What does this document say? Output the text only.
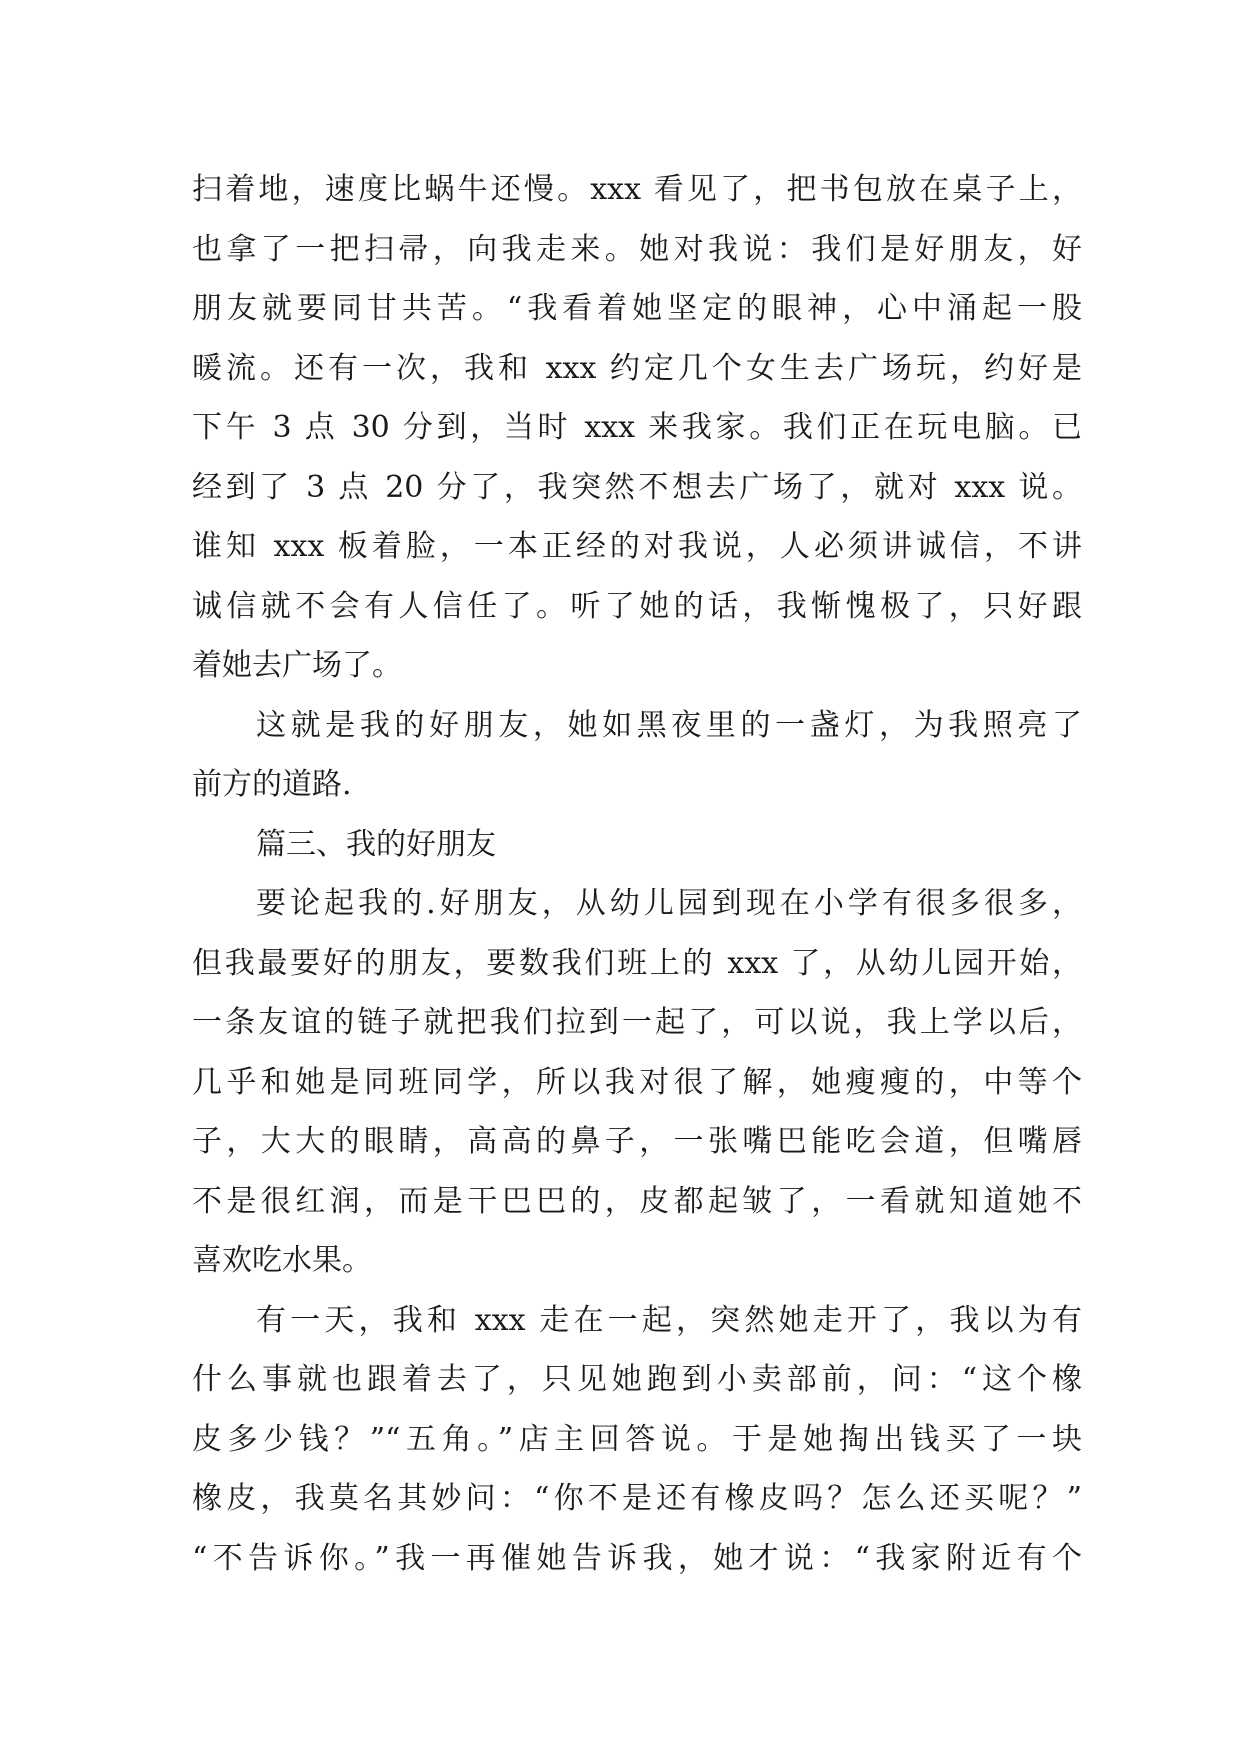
扫着地，速度比蜗牛还慢。xxx 看见了，把书包放在桌子上，
也拿了一把扫帚，向我走来。她对我说：我们是好朋友，好
朋友就要同甘共苦。“我看着她坚定的眼神，心中涌起一股
暖流。还有一次，我和 xxx 约定几个女生去广场玩，约好是
下午 3 点 30 分到，当时 xxx 来我家。我们正在玩电脑。已
经到了 3 点 20 分了，我突然不想去广场了，就对 xxx 说。
谁知 xxx 板着脸，一本正经的对我说，人必须讲诚信，不讲
诚信就不会有人信任了。听了她的话，我惭愧极了，只好跟
着她去广场了。
这就是我的好朋友，她如黑夜里的一盏灯，为我照亮了
前方的道路.
篇三、我的好朋友
要论起我的.好朋友，从幼儿园到现在小学有很多很多，
但我最要好的朋友，要数我们班上的 xxx 了，从幼儿园开始，
一条友谊的链子就把我们拉到一起了，可以说，我上学以后，
几乎和她是同班同学，所以我对很了解，她瘦瘦的，中等个
子，大大的眼睛，高高的鼻子，一张嘴巴能吃会道，但嘴唇
不是很红润，而是干巴巴的，皮都起皱了，一看就知道她不
喜欢吃水果。
有一天，我和 xxx 走在一起，突然她走开了，我以为有
什么事就也跟着去了，只见她跑到小卖部前，问：“这个橡
皮多少钱？”“五角。”店主回答说。于是她掏出钱买了一块
橡皮，我莫名其妙问：“你不是还有橡皮吗？怎么还买呢？”
“不告诉你。”我一再催她告诉我，她才说：“我家附近有个
